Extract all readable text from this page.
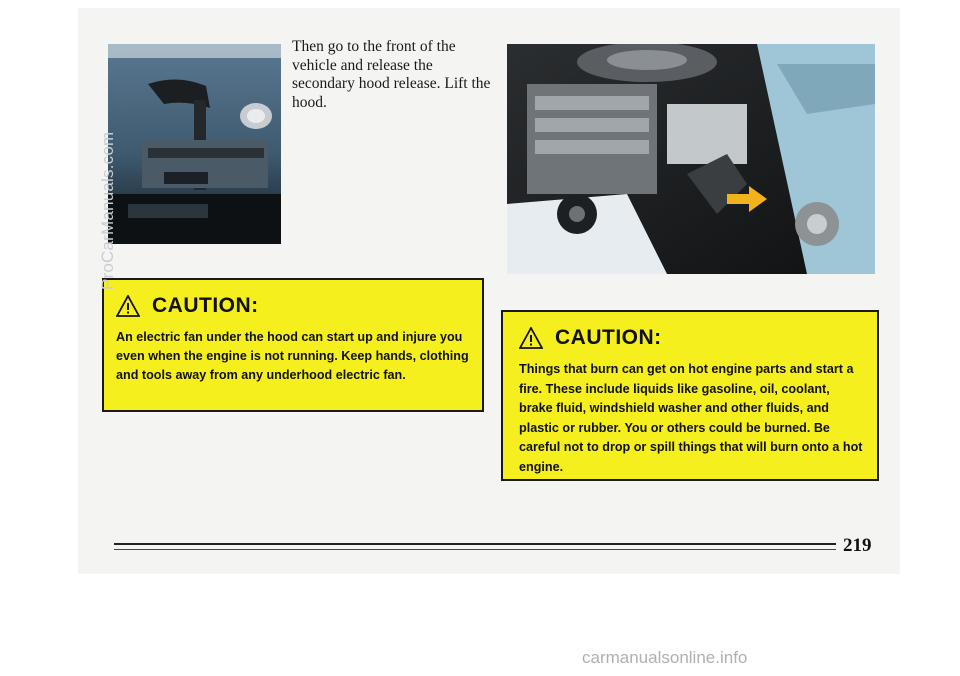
Then go to the front of the vehicle and release the secondary hood release. Lift the hood.

CAUTION:

An electric fan under the hood can start up and injure you even when the engine is not running. Keep hands, clothing and tools away from any underhood electric fan.

CAUTION:

Things that burn can get on hot engine parts and start a fire. These include liquids like gasoline, oil, coolant, brake fluid, windshield washer and other fluids, and plastic or rubber. You or others could be burned. Be careful not to drop or spill things that will burn onto a hot engine.

219
ProCarManuals.com
carmanualsonline.info
